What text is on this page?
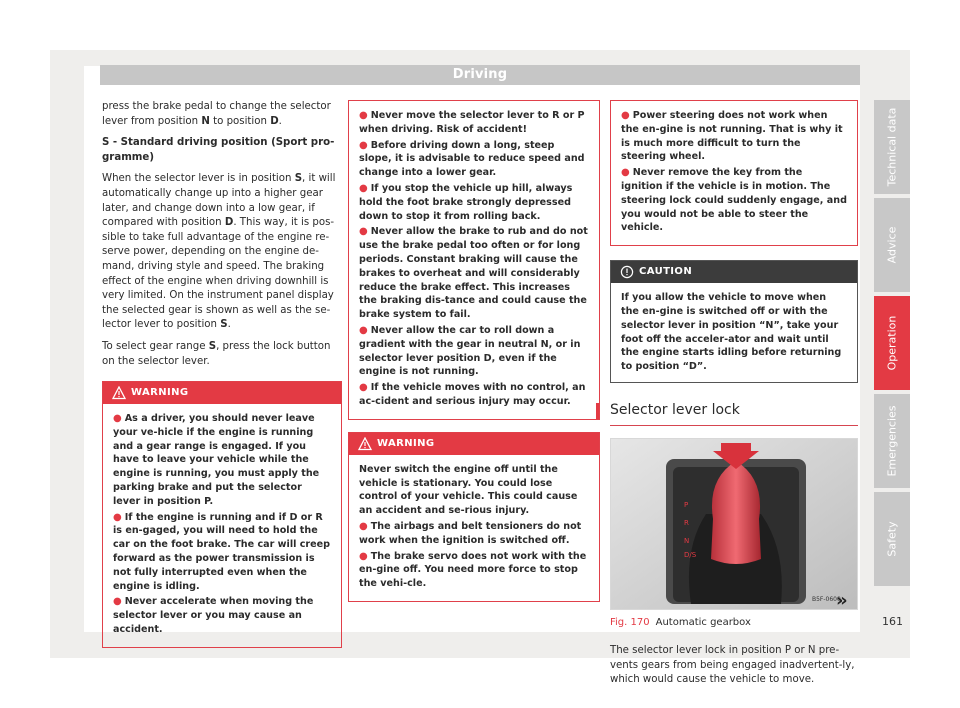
Driving

press the brake pedal to change the selector lever from position N to position D.

S - Standard driving position (Sport pro-gramme)

When the selector lever is in position S, it will automatically change up into a higher gear later, and change down into a low gear, if compared with position D. This way, it is pos-sible to take full advantage of the engine re-serve power, depending on the engine de-mand, driving style and speed. The braking effect of the engine when driving downhill is very limited. On the instrument panel display the selected gear is shown as well as the se-lector lever to position S.

To select gear range S, press the lock button on the selector lever.

WARNING
● As a driver, you should never leave your ve-hicle if the engine is running and a gear range is engaged. If you have to leave your vehicle while the engine is running, you must apply the parking brake and put the selector lever in position P.
● If the engine is running and if D or R is en-gaged, you will need to hold the car on the foot brake. The car will creep forward as the power transmission is not fully interrupted even when the engine is idling.
● Never accelerate when moving the selector lever or you may cause an accident.
● Never move the selector lever to R or P when driving. Risk of accident!
● Before driving down a long, steep slope, it is advisable to reduce speed and change into a lower gear.
● If you stop the vehicle up hill, always hold the foot brake strongly depressed down to stop it from rolling back.
● Never allow the brake to rub and do not use the brake pedal too often or for long periods. Constant braking will cause the brakes to overheat and will considerably reduce the brake effect. This increases the braking dis-tance and could cause the brake system to fail.
● Never allow the car to roll down a gradient with the gear in neutral N, or in selector lever position D, even if the engine is not running.
● If the vehicle moves with no control, an ac-cident and serious injury may occur.
WARNING
Never switch the engine off until the vehicle is stationary. You could lose control of your vehicle. This could cause an accident and se-rious injury.
● The airbags and belt tensioners do not work when the ignition is switched off.
● The brake servo does not work with the en-gine off. You need more force to stop the vehi-cle.
● Power steering does not work when the en-gine is not running. That is why it is much more difficult to turn the steering wheel.
● Never remove the key from the ignition if the vehicle is in motion. The steering lock could suddenly engage, and you would not be able to steer the vehicle.
CAUTION
If you allow the vehicle to move when the en-gine is switched off or with the selector lever in position “N”, take your foot off the acceler-ator and wait until the engine starts idling before returning to position “D”.
Selector lever lock
P
R
N
D/S
B5F-0600
Fig. 170 Automatic gearbox

The selector lever lock in position P or N pre-vents gears from being engaged inadvertent-ly, which would cause the vehicle to move.

»
Technical data
Advice
Operation
Emergencies
Safety
161
